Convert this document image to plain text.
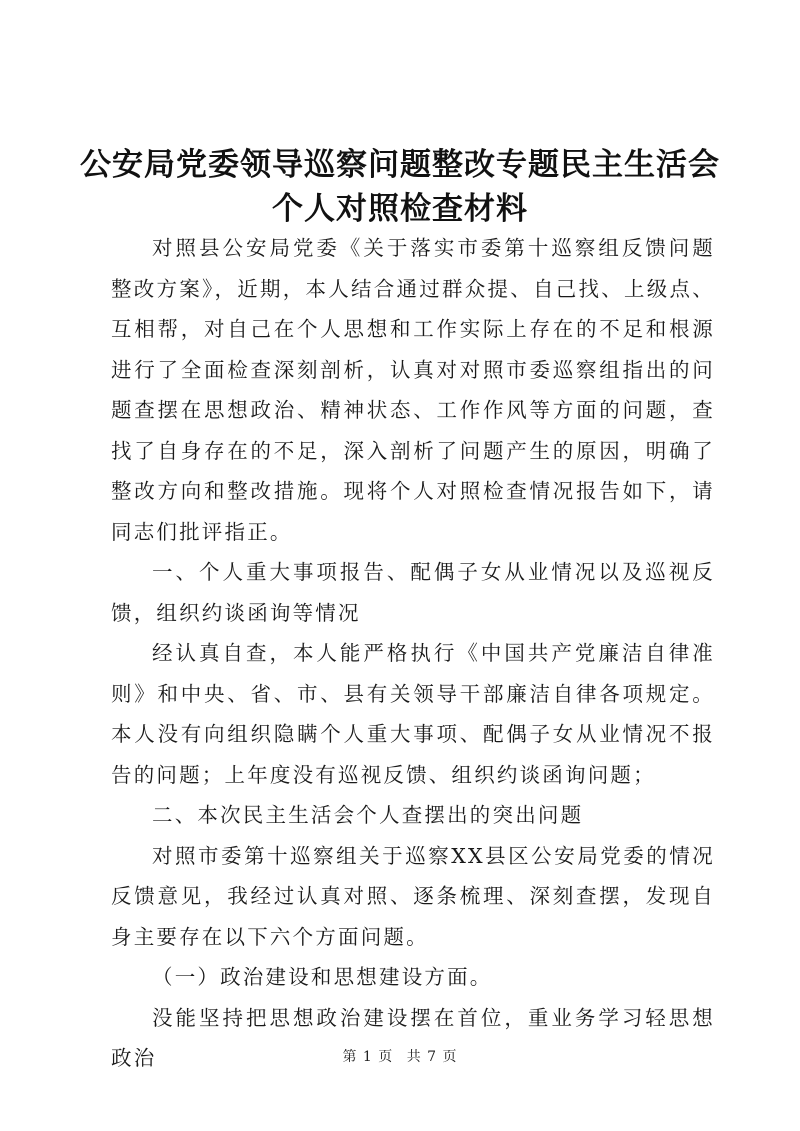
公安局党委领导巡察问题整改专题民主生活会
个人对照检查材料

对照县公安局党委《关于落实市委第十巡察组反馈问题整改方案》，近期，本人结合通过群众提、自己找、上级点、互相帮，对自己在个人思想和工作实际上存在的不足和根源进行了全面检查深刻剖析，认真对对照市委巡察组指出的问题查摆在思想政治、精神状态、工作作风等方面的问题，查找了自身存在的不足，深入剖析了问题产生的原因，明确了整改方向和整改措施。现将个人对照检查情况报告如下，请同志们批评指正。

一、个人重大事项报告、配偶子女从业情况以及巡视反馈，组织约谈函询等情况

经认真自查，本人能严格执行《中国共产党廉洁自律准则》和中央、省、市、县有关领导干部廉洁自律各项规定。本人没有向组织隐瞒个人重大事项、配偶子女从业情况不报告的问题；上年度没有巡视反馈、组织约谈函询问题；

二、本次民主生活会个人查摆出的突出问题

对照市委第十巡察组关于巡察XX县区公安局党委的情况反馈意见，我经过认真对照、逐条梳理、深刻查摆，发现自身主要存在以下六个方面问题。

（一）政治建设和思想建设方面。

没能坚持把思想政治建设摆在首位，重业务学习轻思想政治	第 1 页 共 7 页
